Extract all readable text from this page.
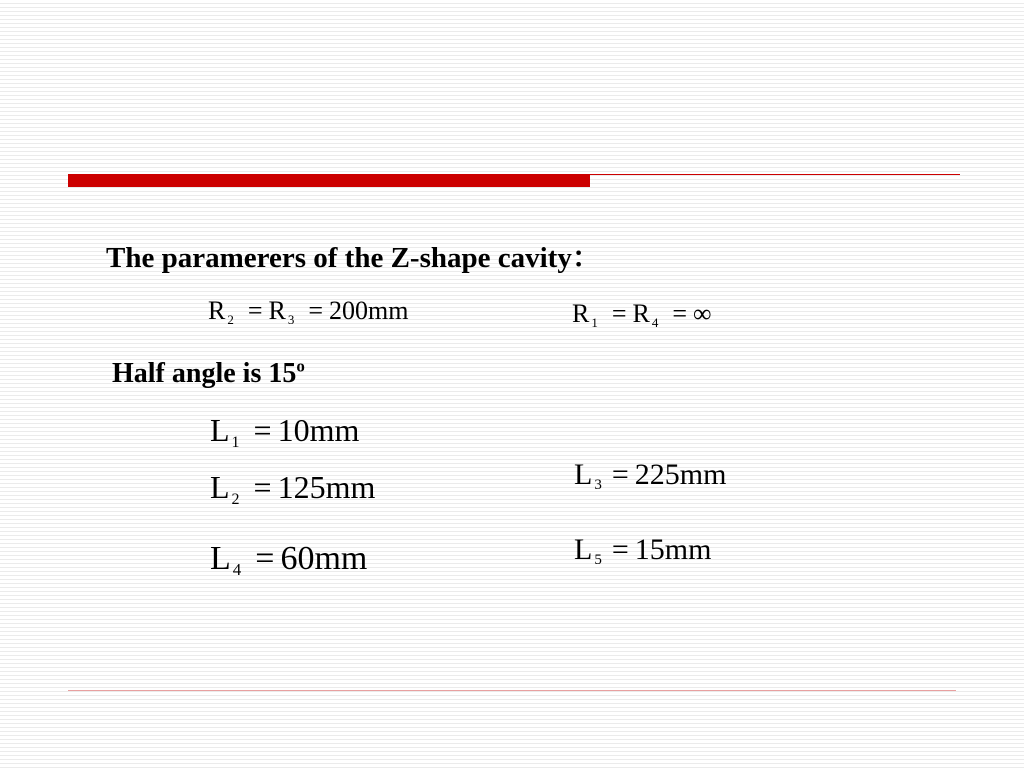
The paramerers of the Z-shape cavity：
R 2 = R 3 = 200mm	R 1 = R 4 = ∞
Half angle is 15$^o$
L 1 = 10mm
L 2 = 125mm
L 4 = 60mm
L 3 = 225mm
L 5 = 15mm
